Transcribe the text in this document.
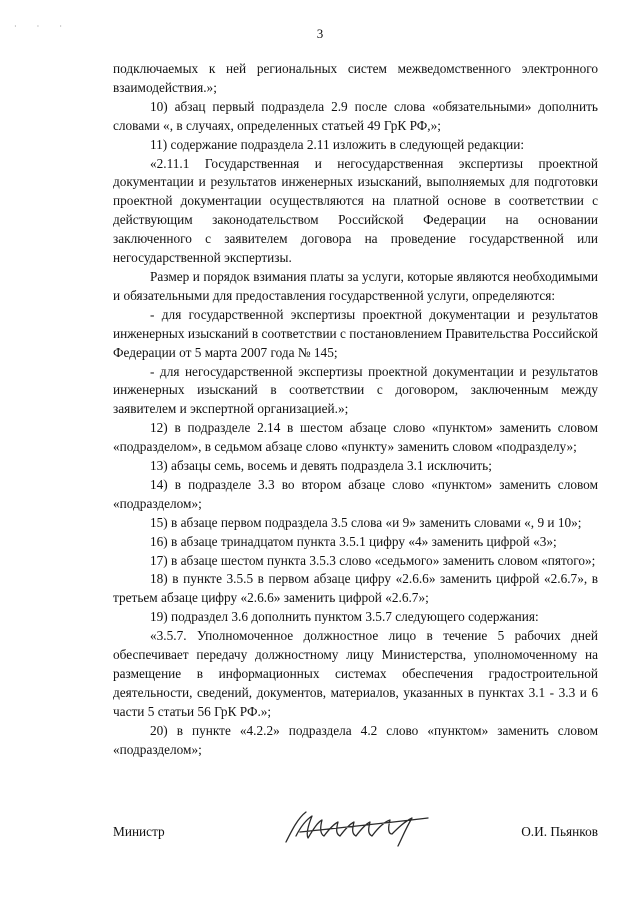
· · ·	3

подключаемых к ней региональных систем межведомственного электронного взаимодействия.»;

10) абзац первый подраздела 2.9 после слова «обязательными» дополнить словами «, в случаях, определенных статьей 49 ГрК РФ,»;

11) содержание подраздела 2.11 изложить в следующей редакции:

«2.11.1 Государственная и негосударственная экспертизы проектной документации и результатов инженерных изысканий, выполняемых для подготовки проектной документации осуществляются на платной основе в соответствии с действующим законодательством Российской Федерации на основании заключенного с заявителем договора на проведение государственной или негосударственной экспертизы.

Размер и порядок взимания платы за услуги, которые являются необходимыми и обязательными для предоставления государственной услуги, определяются:

- для государственной экспертизы проектной документации и результатов инженерных изысканий в соответствии с постановлением Правительства Российской Федерации от 5 марта 2007 года № 145;

- для негосударственной экспертизы проектной документации и результатов инженерных изысканий в соответствии с договором, заключенным между заявителем и экспертной организацией.»;

12) в подразделе 2.14 в шестом абзаце слово «пунктом» заменить словом «подразделом», в седьмом абзаце слово «пункту» заменить словом «подразделу»;

13) абзацы семь, восемь и девять подраздела 3.1 исключить;

14) в подразделе 3.3 во втором абзаце слово «пунктом» заменить словом «подразделом»;

15) в абзаце первом подраздела 3.5 слова «и 9» заменить словами «, 9 и 10»;

16) в абзаце тринадцатом пункта 3.5.1 цифру «4» заменить цифрой «3»;

17) в абзаце шестом пункта 3.5.3 слово «седьмого» заменить словом «пятого»;

18) в пункте 3.5.5 в первом абзаце цифру «2.6.6» заменить цифрой «2.6.7», в третьем абзаце цифру «2.6.6» заменить цифрой «2.6.7»;

19) подраздел 3.6 дополнить пунктом 3.5.7 следующего содержания:

«3.5.7. Уполномоченное должностное лицо в течение 5 рабочих дней обеспечивает передачу должностному лицу Министерства, уполномоченному на размещение в информационных системах обеспечения градостроительной деятельности, сведений, документов, материалов, указанных в пунктах 3.1 - 3.3 и 6 части 5 статьи 56 ГрК РФ.»;

20) в пункте «4.2.2» подраздела 4.2 слово «пунктом» заменить словом «подразделом»;

Министр	О.И. Пьянков
